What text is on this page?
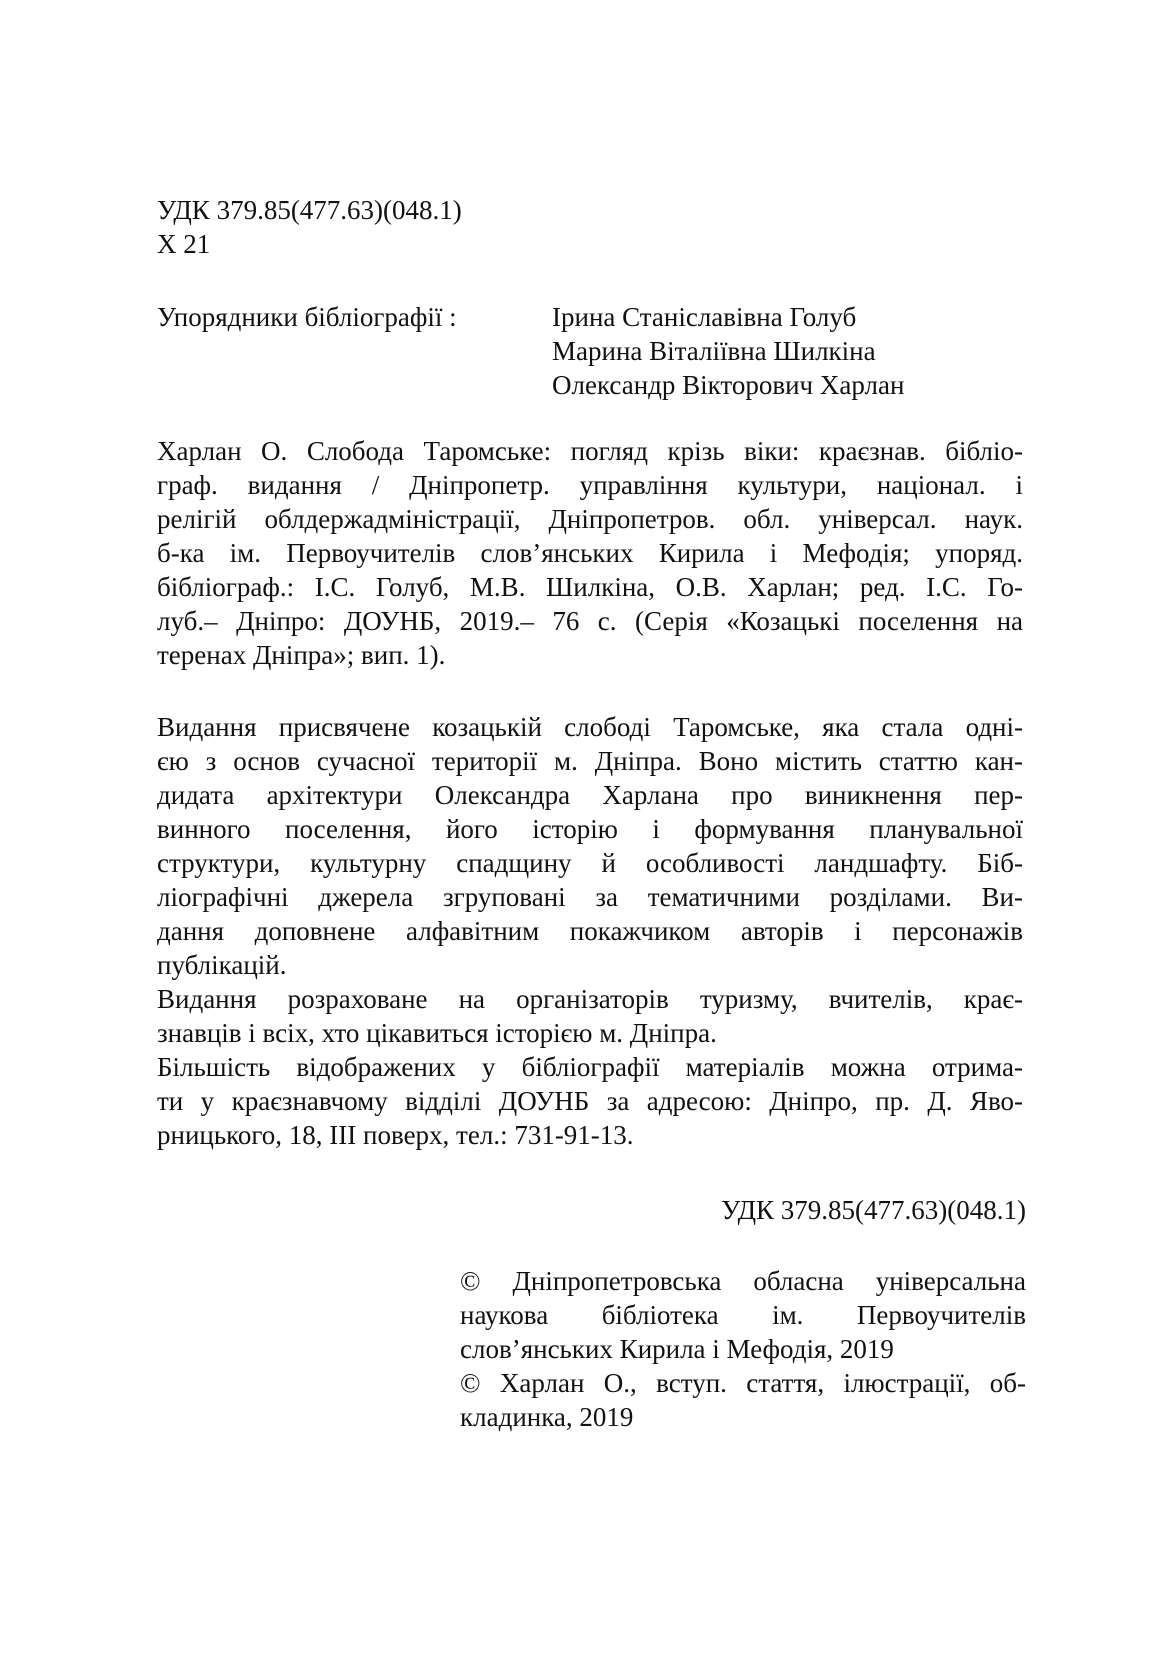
УДК 379.85(477.63)(048.1)
Х 21
Упорядники бібліографії :	Ірина Станіславівна Голуб
Марина Віталіївна Шилкіна
Олександр Вікторович Харлан
Харлан О. Слобода Таромське: погляд крізь віки: краєзнав. бібліо-
граф. видання / Дніпропетр. управління культури, націонал. і
релігій облдержадміністрації, Дніпропетров. обл. універсал. наук.
б-ка ім. Первоучителів слов’янських Кирила і Мефодія; упоряд.
бібліограф.: І.С. Голуб, М.В. Шилкіна, О.В. Харлан; ред. І.С. Го-
луб.– Дніпро: ДОУНБ, 2019.– 76 с. (Серія «Козацькі поселення на
теренах Дніпра»; вип. 1).
Видання присвячене козацькій слободі Таромське, яка стала одні-
єю з основ сучасної території м. Дніпра. Воно містить статтю кан-
дидата архітектури Олександра Харлана про виникнення пер-
винного поселення, його історію і формування планувальної
структури, культурну спадщину й особливості ландшафту. Біб-
ліографічні джерела згруповані за тематичними розділами. Ви-
дання доповнене алфавітним покажчиком авторів і персонажів
публікацій.
Видання розраховане на організаторів туризму, вчителів, крає-
знавців і всіх, хто цікавиться історією м. Дніпра.
Більшість відображених у бібліографії матеріалів можна отрима-
ти у краєзнавчому відділі ДОУНБ за адресою: Дніпро, пр. Д. Яво-
рницького, 18, ІІІ поверх, тел.: 731-91-13.
УДК 379.85(477.63)(048.1)
© Дніпропетровська обласна універсальна
наукова бібліотека ім. Первоучителів
слов’янських Кирила і Мефодія, 2019
© Харлан О., вступ. стаття, ілюстрації, об-
кладинка, 2019
